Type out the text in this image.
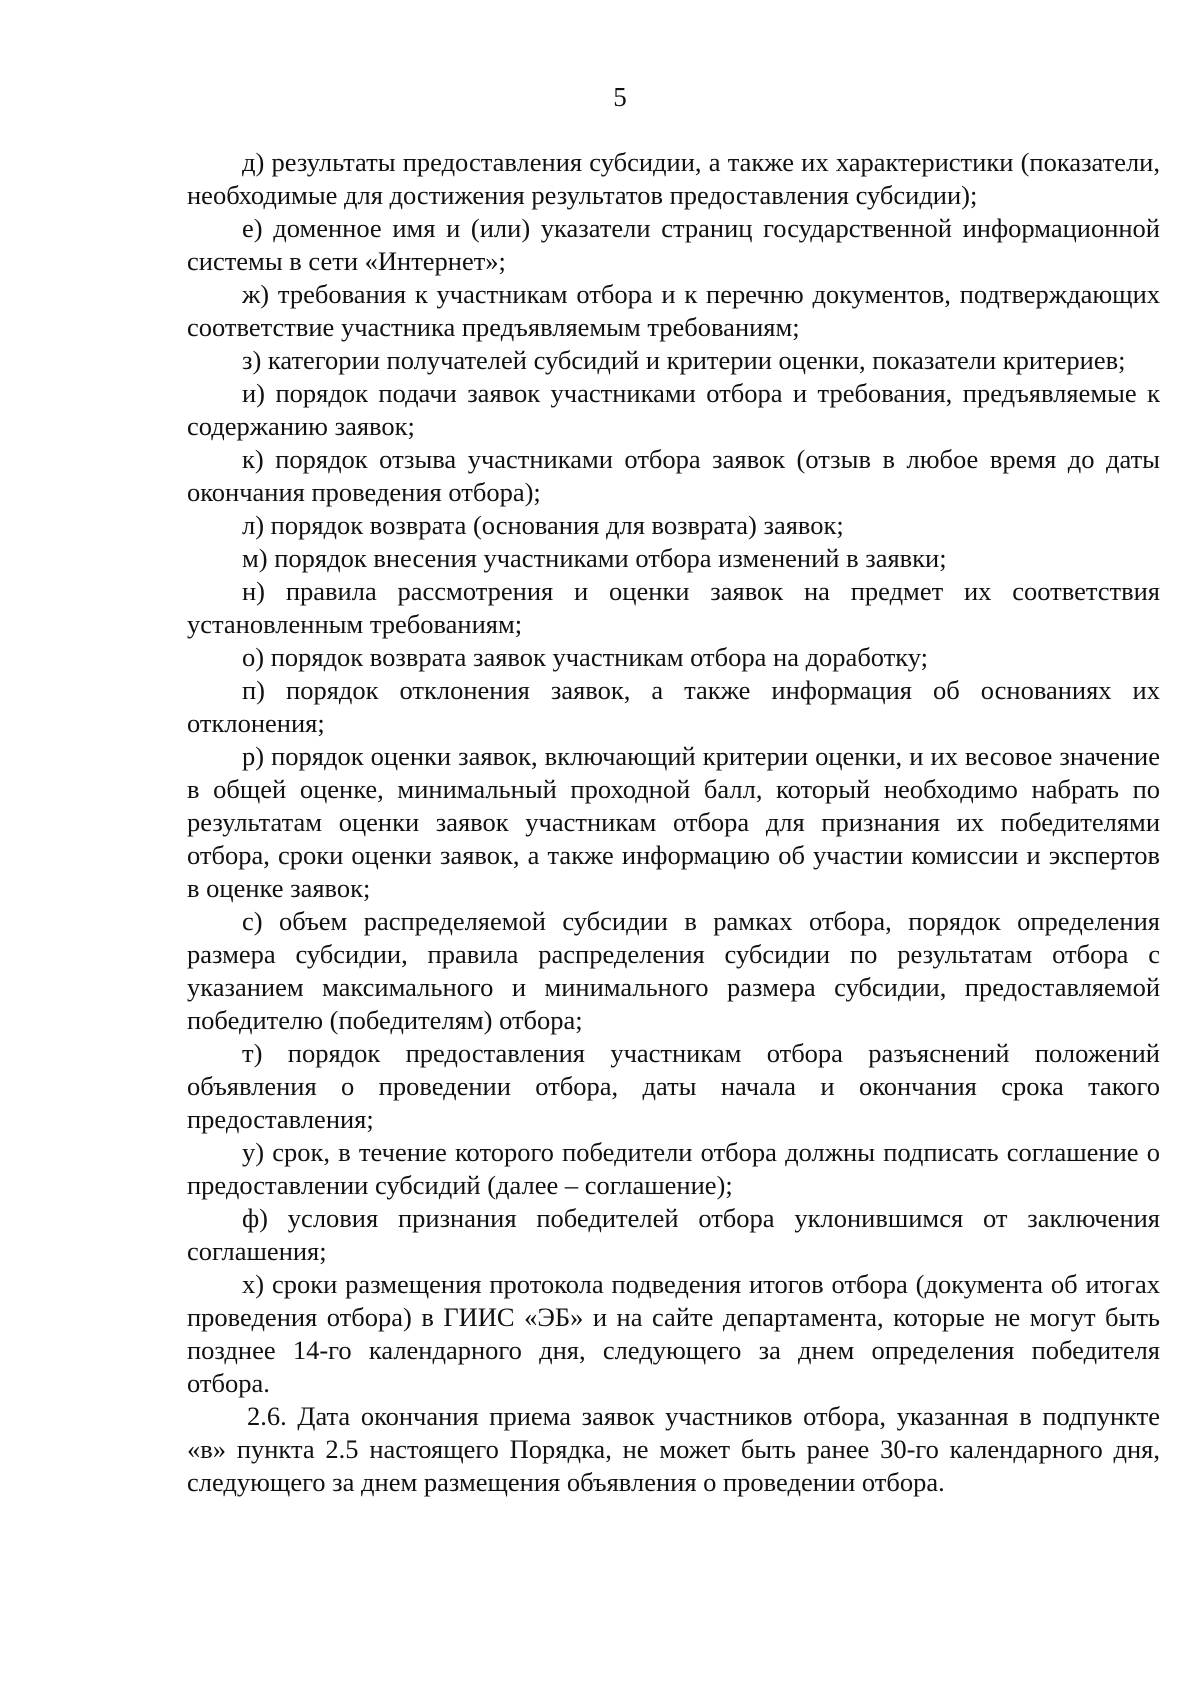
5

д) результаты предоставления субсидии, а также их характеристики (показатели, необходимые для достижения результатов предоставления субсидии);

е) доменное имя и (или) указатели страниц государственной информационной системы в сети «Интернет»;

ж) требования к участникам отбора и к перечню документов, подтверждающих соответствие участника предъявляемым требованиям;

з) категории получателей субсидий и критерии оценки, показатели критериев;

и) порядок подачи заявок участниками отбора и требования, предъявляемые к содержанию заявок;

к) порядок отзыва участниками отбора заявок (отзыв в любое время до даты окончания проведения отбора);

л) порядок возврата (основания для возврата) заявок;

м) порядок внесения участниками отбора изменений в заявки;

н) правила рассмотрения и оценки заявок на предмет их соответствия установленным требованиям;

о) порядок возврата заявок участникам отбора на доработку;

п) порядок отклонения заявок, а также информация об основаниях их отклонения;

р) порядок оценки заявок, включающий критерии оценки, и их весовое значение в общей оценке, минимальный проходной балл, который необходимо набрать по результатам оценки заявок участникам отбора для признания их победителями отбора, сроки оценки заявок, а также информацию об участии комиссии и экспертов в оценке заявок;

с) объем распределяемой субсидии в рамках отбора, порядок определения размера субсидии, правила распределения субсидии по результатам отбора с указанием максимального и минимального размера субсидии, предоставляемой победителю (победителям) отбора;

т) порядок предоставления участникам отбора разъяснений положений объявления о проведении отбора, даты начала и окончания срока такого предоставления;

у) срок, в течение которого победители отбора должны подписать соглашение о предоставлении субсидий (далее – соглашение);

ф) условия признания победителей отбора уклонившимся от заключения соглашения;

х) сроки размещения протокола подведения итогов отбора (документа об итогах проведения отбора) в ГИИС «ЭБ» и на сайте департамента, которые не могут быть позднее 14-го календарного дня, следующего за днем определения победителя отбора.

2.6. Дата окончания приема заявок участников отбора, указанная в подпункте «в» пункта 2.5 настоящего Порядка, не может быть ранее 30-го календарного дня, следующего за днем размещения объявления о проведении отбора.
